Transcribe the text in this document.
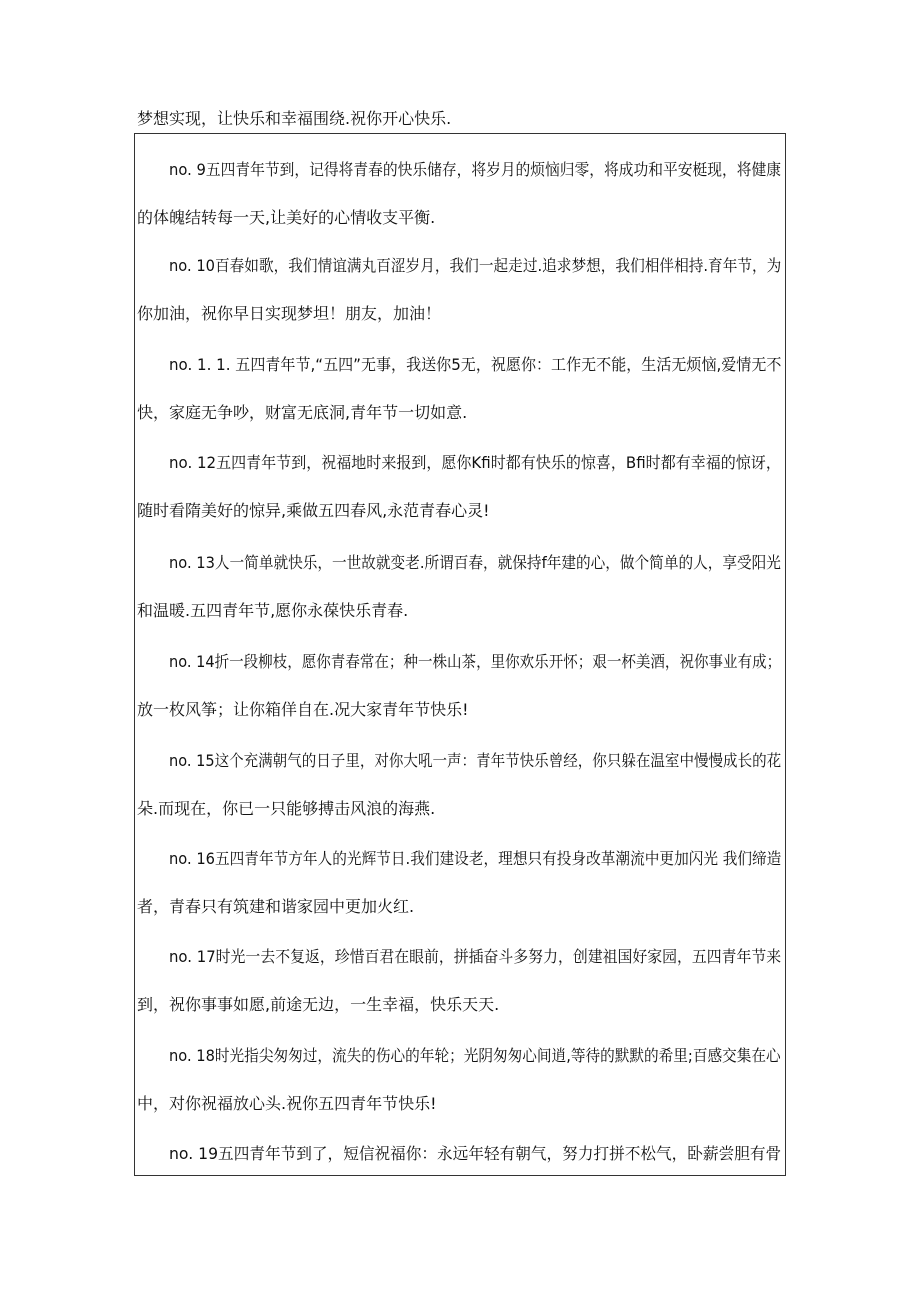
梦想实现，让快乐和幸福围绕.祝你开心快乐.
no. 9五四青年节到，记得将青春的快乐储存，将岁月的烦恼归零，将成功和平安梃现，将健康
的体魄结转每一天,让美好的心情收支平衡.
no. 10百春如歌，我们情谊满丸百涩岁月，我们一起走过.追求梦想，我们相伴相持.育年节，为
你加油，祝你早日实现梦坦！朋友，加油！
no. 1. 1. 五四青年节,“五四”无事，我送你5无，祝愿你：工作无不能，生活无烦恼,爱情无不
快，家庭无争吵，财富无底洞,青年节一切如意.
no. 12五四青年节到，祝福地时来报到，愿你Kfi时都有快乐的惊喜，Bfi时都有幸福的惊讶，
随时看隋美好的惊异,乘做五四春风,永范青春心灵!
no. 13人一简单就快乐，一世故就变老.所谓百春，就保持f年建的心，做个简单的人，享受阳光
和温暖.五四青年节,愿你永葆快乐青春.
no. 14折一段柳枝，愿你青春常在；种一株山茶，里你欢乐开怀；艰一杯美酒，祝你事业有成；
放一枚风筝；让你箱佯自在.况大家青年节快乐!
no. 15这个充满朝气的日子里，对你大吼一声：青年节快乐曾经，你只躲在温室中慢慢成长的花
朵.而现在，你已一只能够搏击风浪的海燕.
no. 16五四青年节方年人的光辉节日.我们建设老，理想只有投身改革潮流中更加闪光 我们缔造
者，青春只有筑建和谐家园中更加火红.
no. 17时光一去不复返，珍惜百君在眼前，拼插奋斗多努力，创建祖国好家园，五四青年节来
到，祝你事事如愿,前途无边，一生幸福，快乐天天.
no. 18时光指尖匆匆过，流失的伤心的年轮；光阴匆匆心间逍,等待的默默的希里;百感交集在心
中，对你祝福放心头.祝你五四青年节快乐!
no. 19五四青年节到了，短信祝福你：永远年轻有朝气，努力打拼不松气，卧薪尝胆有骨
